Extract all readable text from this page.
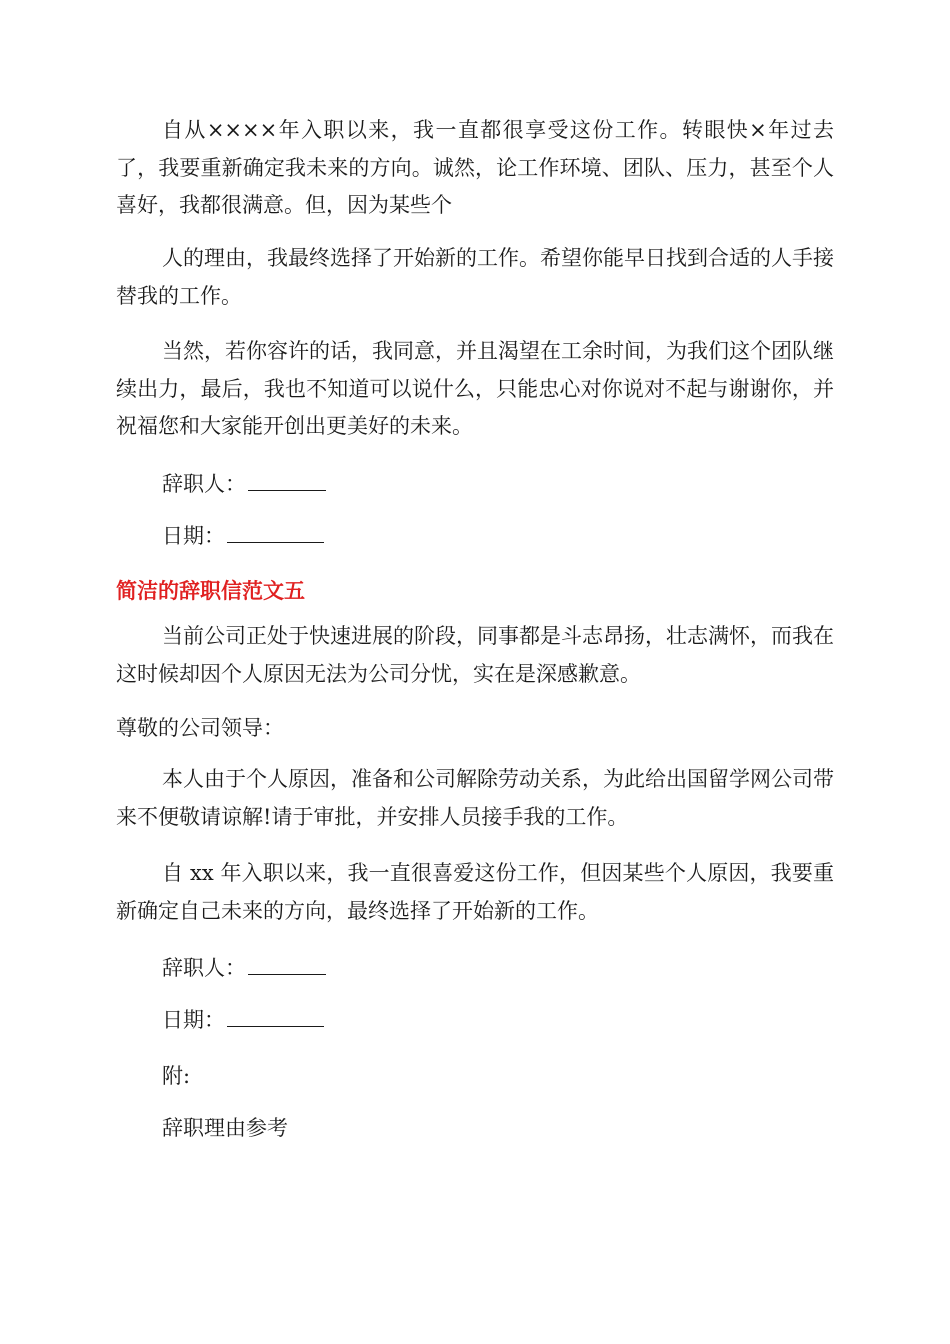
自从××××年入职以来，我一直都很享受这份工作。转眼快×年过去了，我要重新确定我未来的方向。诚然，论工作环境、团队、压力，甚至个人喜好，我都很满意。但，因为某些个

人的理由，我最终选择了开始新的工作。希望你能早日找到合适的人手接替我的工作。

当然，若你容许的话，我同意，并且渴望在工余时间，为我们这个团队继续出力，最后，我也不知道可以说什么，只能忠心对你说对不起与谢谢你，并祝福您和大家能开创出更美好的未来。

辞职人：
日期：
简洁的辞职信范文五

当前公司正处于快速进展的阶段，同事都是斗志昂扬，壮志满怀，而我在这时候却因个人原因无法为公司分忧，实在是深感歉意。

尊敬的公司领导：

本人由于个人原因，准备和公司解除劳动关系，为此给出国留学网公司带来不便敬请谅解!请于审批，并安排人员接手我的工作。

自 xx 年入职以来，我一直很喜爱这份工作，但因某些个人原因，我要重新确定自己未来的方向，最终选择了开始新的工作。

辞职人：
日期：
附:
辞职理由参考
